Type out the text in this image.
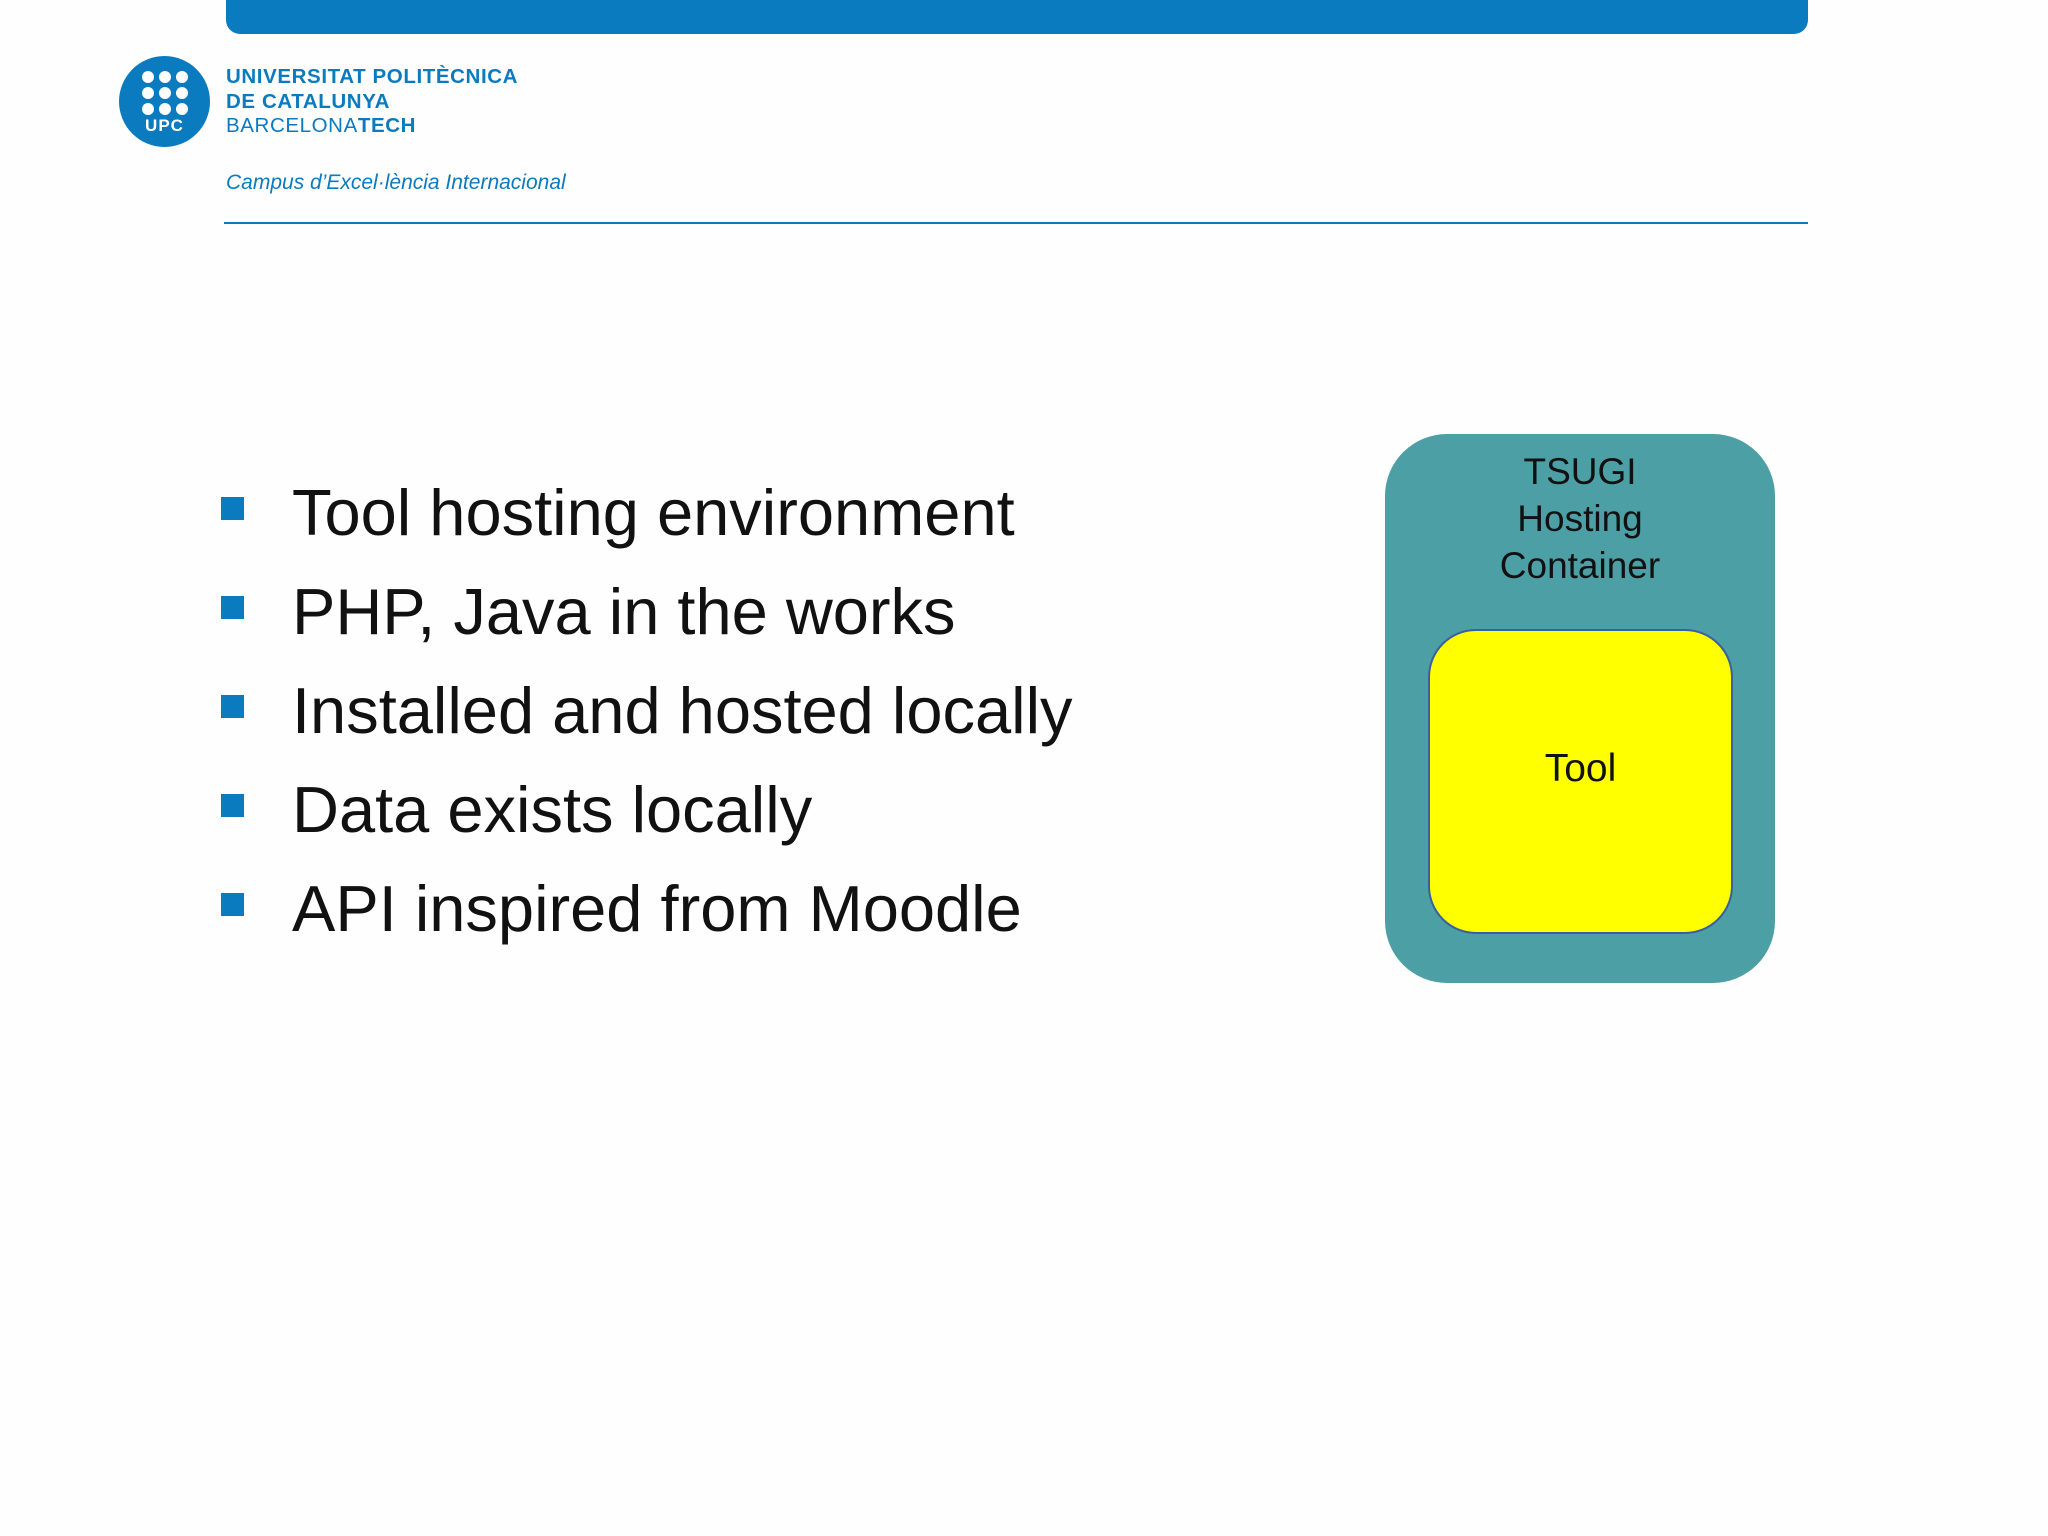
UPC
UNIVERSITAT POLITÈCNICA
DE CATALUNYA
BARCELONATECH
Campus d’Excel·lència Internacional
Tool hosting environment
PHP, Java in the works
Installed and hosted locally
Data exists locally
API inspired from Moodle
TSUGI
Hosting
Container
Tool
